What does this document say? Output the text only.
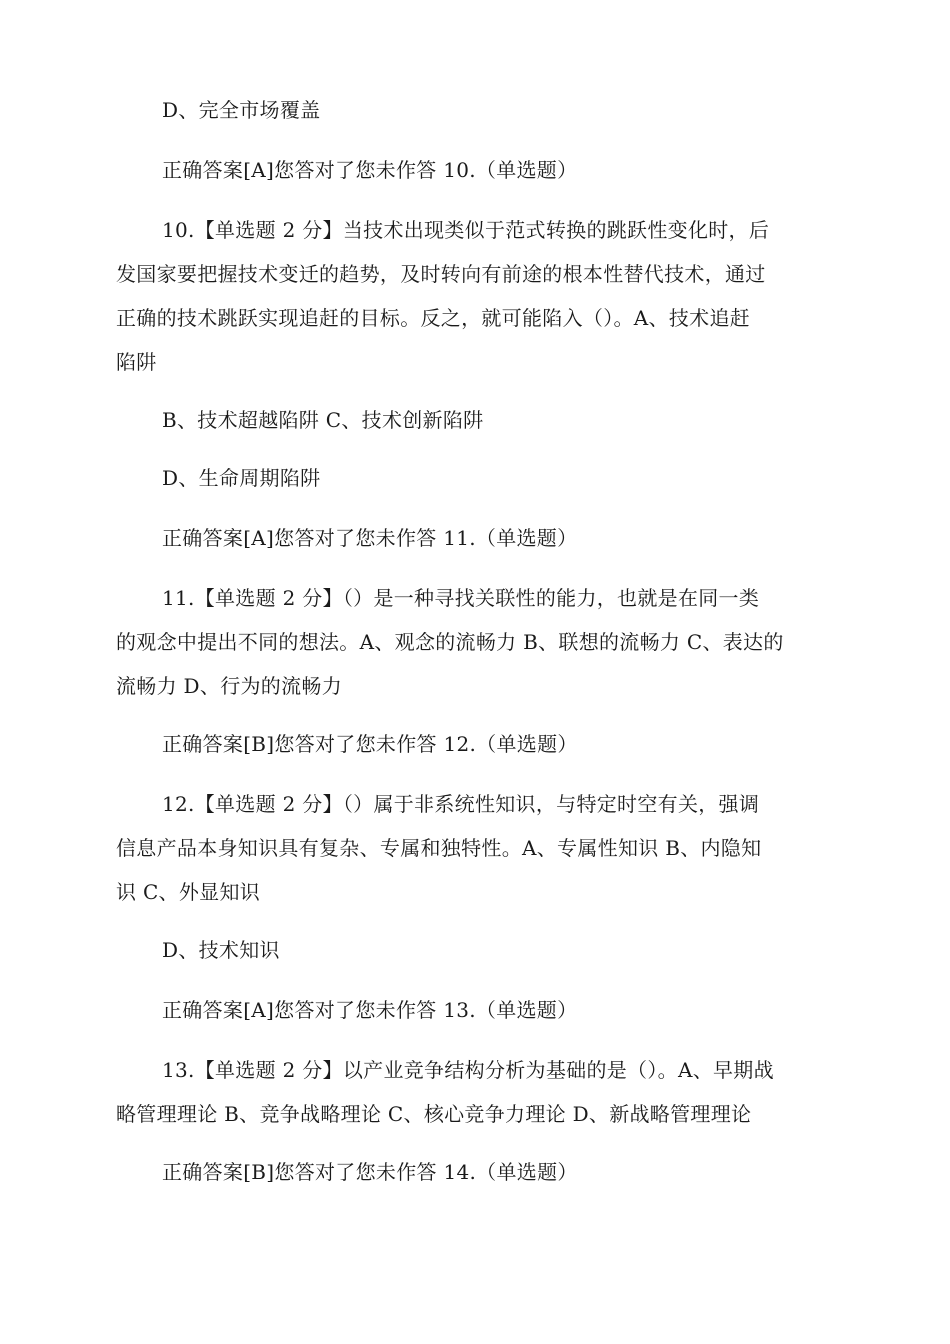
D、完全市场覆盖
正确答案[A]您答对了您未作答 10.（单选题）
10.【单选题 2 分】当技术出现类似于范式转换的跳跃性变化时，后
发国家要把握技术变迁的趋势，及时转向有前途的根本性替代技术，通过
正确的技术跳跃实现追赶的目标。反之，就可能陷入（）。A、技术追赶
陷阱
B、技术超越陷阱 C、技术创新陷阱
D、生命周期陷阱
正确答案[A]您答对了您未作答 11.（单选题）
11.【单选题 2 分】（）是一种寻找关联性的能力，也就是在同一类
的观念中提出不同的想法。A、观念的流畅力 B、联想的流畅力 C、表达的
流畅力 D、行为的流畅力
正确答案[B]您答对了您未作答 12.（单选题）
12.【单选题 2 分】（）属于非系统性知识，与特定时空有关，强调
信息产品本身知识具有复杂、专属和独特性。A、专属性知识 B、内隐知
识 C、外显知识
D、技术知识
正确答案[A]您答对了您未作答 13.（单选题）
13.【单选题 2 分】以产业竞争结构分析为基础的是（）。A、早期战
略管理理论 B、竞争战略理论 C、核心竞争力理论 D、新战略管理理论
正确答案[B]您答对了您未作答 14.（单选题）
